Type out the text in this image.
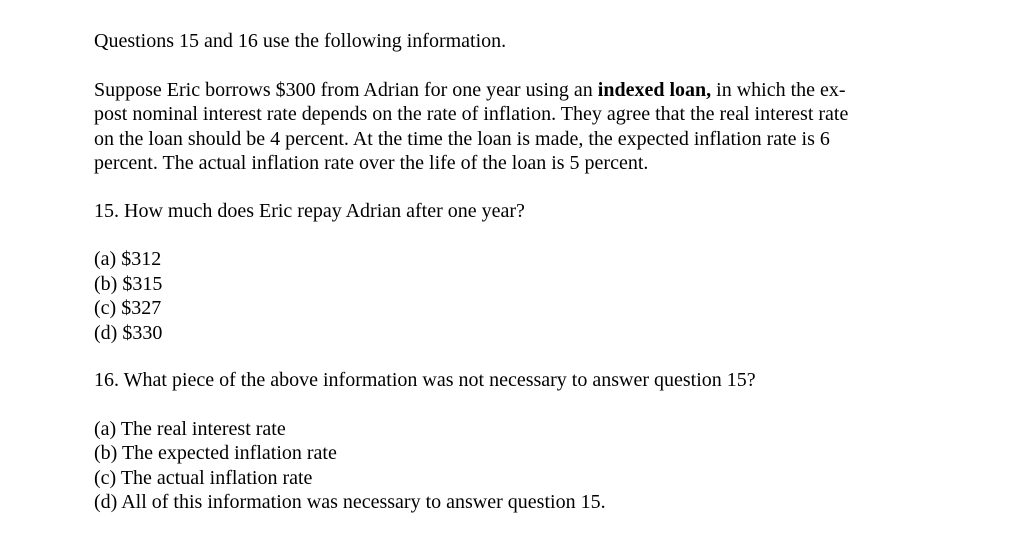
Questions 15 and 16 use the following information.
Suppose Eric borrows $300 from Adrian for one year using an indexed loan, in which the ex-
post nominal interest rate depends on the rate of inflation. They agree that the real interest rate
on the loan should be 4 percent. At the time the loan is made, the expected inflation rate is 6
percent. The actual inflation rate over the life of the loan is 5 percent.
15. How much does Eric repay Adrian after one year?
(a) $312
(b) $315
(c) $327
(d) $330
16. What piece of the above information was not necessary to answer question 15?
(a) The real interest rate
(b) The expected inflation rate
(c) The actual inflation rate
(d) All of this information was necessary to answer question 15.
